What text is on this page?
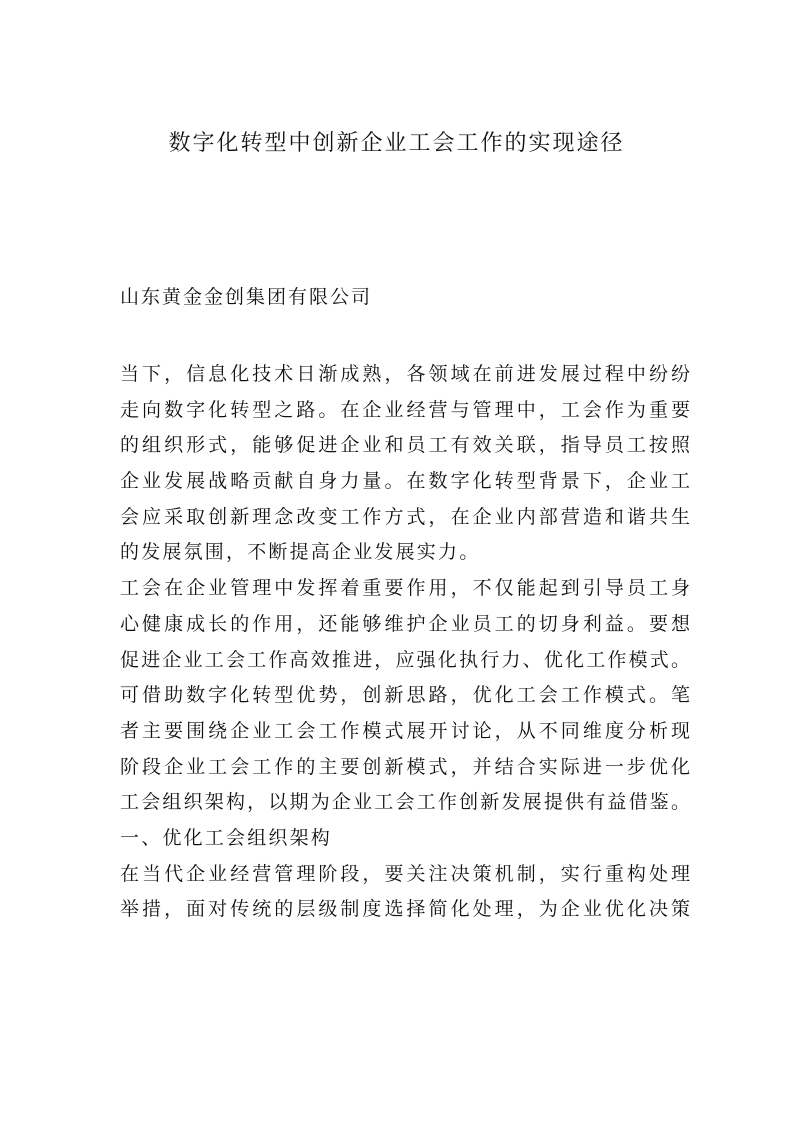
数字化转型中创新企业工会工作的实现途径

山东黄金金创集团有限公司

当下，信息化技术日渐成熟，各领域在前进发展过程中纷纷
走向数字化转型之路。在企业经营与管理中，工会作为重要
的组织形式，能够促进企业和员工有效关联，指导员工按照
企业发展战略贡献自身力量。在数字化转型背景下，企业工
会应采取创新理念改变工作方式，在企业内部营造和谐共生
的发展氛围，不断提高企业发展实力。
工会在企业管理中发挥着重要作用，不仅能起到引导员工身
心健康成长的作用，还能够维护企业员工的切身利益。要想
促进企业工会工作高效推进，应强化执行力、优化工作模式。
可借助数字化转型优势，创新思路，优化工会工作模式。笔
者主要围绕企业工会工作模式展开讨论，从不同维度分析现
阶段企业工会工作的主要创新模式，并结合实际进一步优化
工会组织架构，以期为企业工会工作创新发展提供有益借鉴。
一、优化工会组织架构
在当代企业经营管理阶段，要关注决策机制，实行重构处理
举措，面对传统的层级制度选择简化处理，为企业优化决策
